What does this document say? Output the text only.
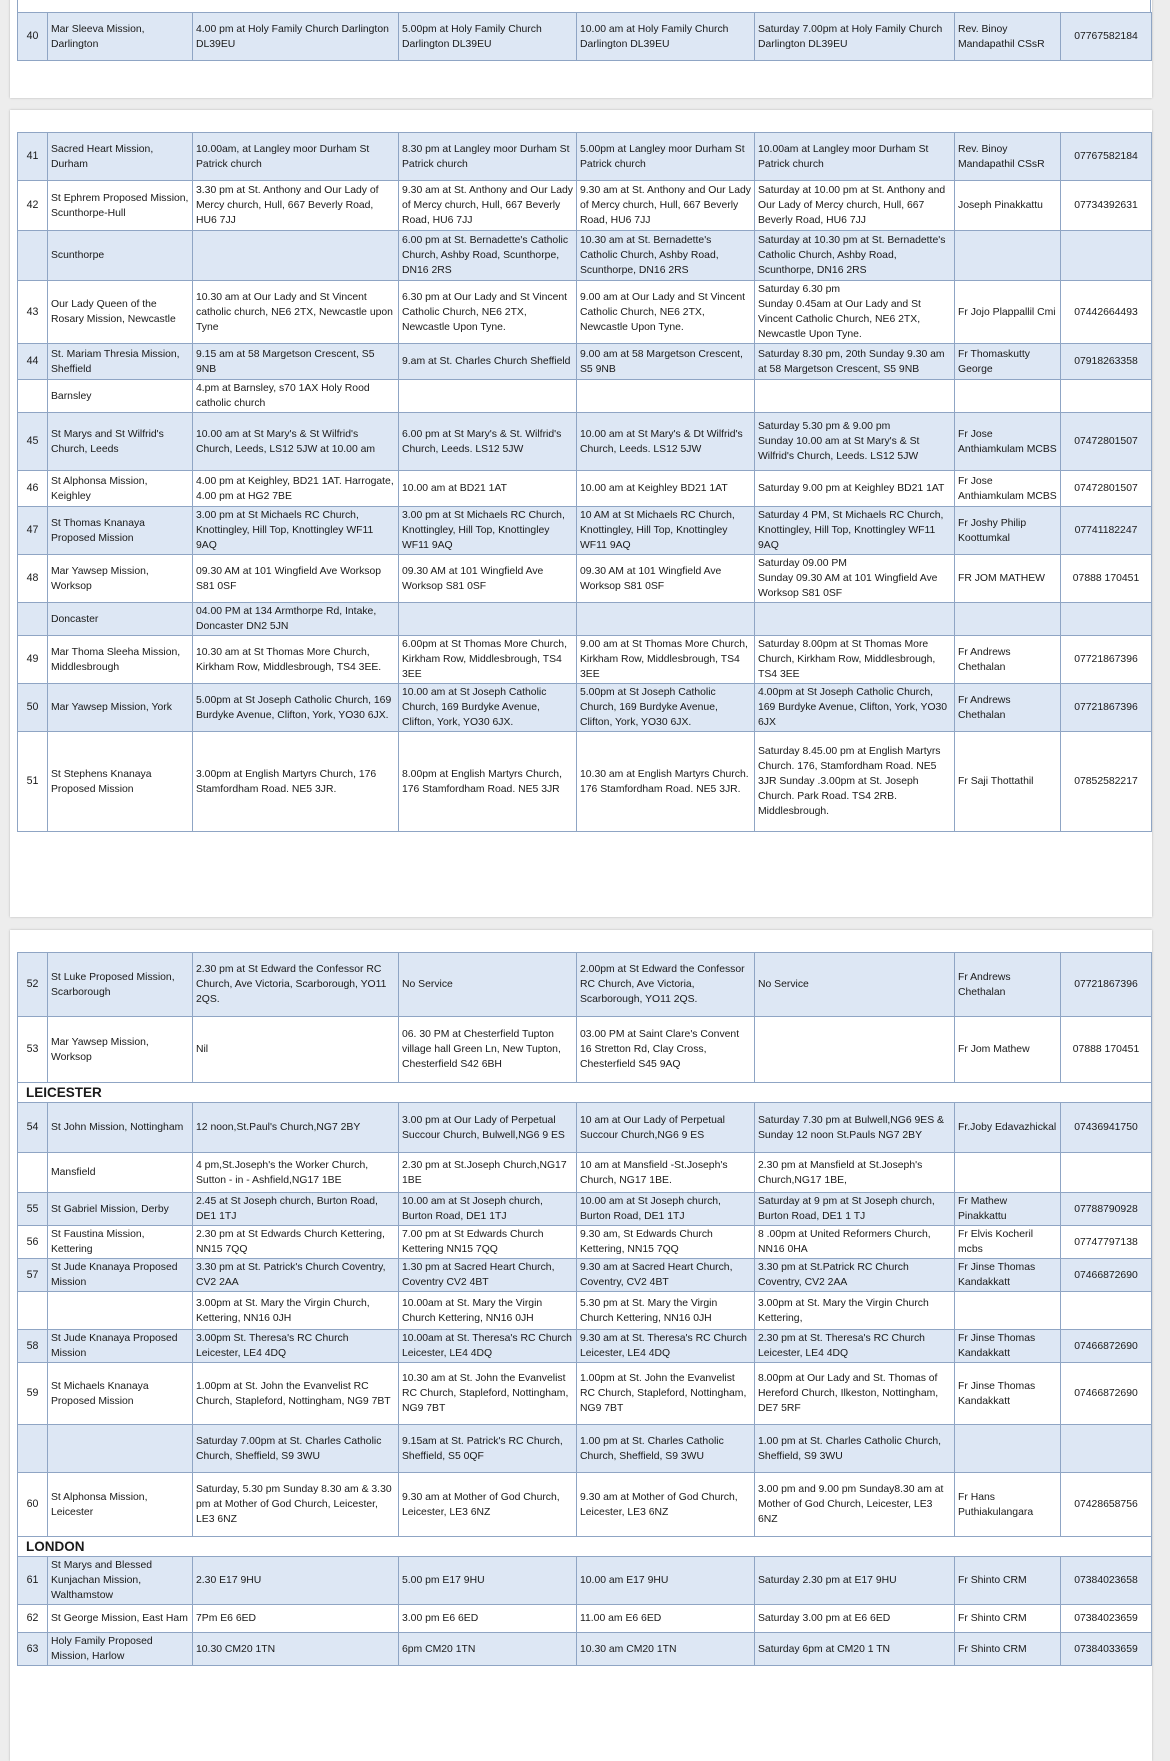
40	Mar Sleeva Mission, Darlington	4.00 pm at Holy Family Church Darlington DL39EU	5.00pm at Holy Family Church Darlington DL39EU	10.00 am at Holy Family Church Darlington DL39EU	Saturday 7.00pm at Holy Family Church Darlington DL39EU	Rev. Binoy Mandapathil CSsR	07767582184
41	Sacred Heart Mission, Durham	10.00am, at Langley moor Durham St Patrick church	8.30 pm at Langley moor Durham St Patrick church	5.00pm at Langley moor Durham St Patrick church	10.00am at Langley moor Durham St Patrick church	Rev. Binoy Mandapathil CSsR	07767582184
42	St Ephrem Proposed Mission, Scunthorpe-Hull	3.30 pm at St. Anthony and Our Lady of Mercy church, Hull, 667 Beverly Road, HU6 7JJ	9.30 am at St. Anthony and Our Lady of Mercy church, Hull, 667 Beverly Road, HU6 7JJ	9.30 am at St. Anthony and Our Lady of Mercy church, Hull, 667 Beverly Road, HU6 7JJ	Saturday at 10.00 pm at St. Anthony and Our Lady of Mercy church, Hull, 667 Beverly Road, HU6 7JJ	Joseph Pinakkattu	07734392631
	Scunthorpe		6.00 pm at St. Bernadette's Catholic Church, Ashby Road, Scunthorpe, DN16 2RS	10.30 am at St. Bernadette's Catholic Church, Ashby Road, Scunthorpe, DN16 2RS	Saturday at 10.30 pm at St. Bernadette's Catholic Church, Ashby Road, Scunthorpe, DN16 2RS		
43	Our Lady Queen of the Rosary Mission, Newcastle	10.30 am at Our Lady and St Vincent catholic church, NE6 2TX, Newcastle upon Tyne	6.30 pm at Our Lady and St Vincent Catholic Church, NE6 2TX, Newcastle Upon Tyne.	9.00 am at Our Lady and St Vincent Catholic Church, NE6 2TX, Newcastle Upon Tyne.	Saturday 6.30 pm
Sunday 0.45am at Our Lady and St Vincent Catholic Church, NE6 2TX, Newcastle Upon Tyne.	Fr Jojo Plappallil Cmi	07442664493
44	St. Mariam Thresia Mission, Sheffield	9.15 am at 58 Margetson Crescent, S5 9NB	9.am at St. Charles Church Sheffield	9.00 am at 58 Margetson Crescent, S5 9NB	Saturday 8.30 pm, 20th Sunday 9.30 am at 58 Margetson Crescent, S5 9NB	Fr Thomaskutty George	07918263358
	Barnsley	4.pm at Barnsley, s70 1AX Holy Rood catholic church					
45	St Marys and St Wilfrid's Church, Leeds	10.00 am at St Mary's & St Wilfrid's Church, Leeds, LS12 5JW at 10.00 am	6.00 pm at St Mary's & St. Wilfrid's Church, Leeds. LS12 5JW	10.00 am at St Mary's & Dt Wilfrid's Church, Leeds. LS12 5JW	Saturday 5.30 pm & 9.00 pm
Sunday 10.00 am at St Mary's & St Wilfrid's Church, Leeds. LS12 5JW	Fr Jose Anthiamkulam MCBS	07472801507
46	St Alphonsa Mission, Keighley	4.00 pm at Keighley, BD21 1AT. Harrogate, 4.00 pm at HG2 7BE	10.00 am at BD21 1AT	10.00 am at Keighley BD21 1AT	Saturday 9.00 pm at Keighley BD21 1AT	Fr Jose Anthiamkulam MCBS	07472801507
47	St Thomas Knanaya Proposed Mission	3.00 pm at St Michaels RC Church, Knottingley, Hill Top, Knottingley WF11 9AQ	3.00 pm at St Michaels RC Church, Knottingley, Hill Top, Knottingley WF11 9AQ	10 AM at St Michaels RC Church, Knottingley, Hill Top, Knottingley WF11 9AQ	Saturday 4 PM, St Michaels RC Church, Knottingley, Hill Top, Knottingley WF11 9AQ	Fr Joshy Philip Koottumkal	07741182247
48	Mar Yawsep Mission, Worksop	09.30 AM at 101 Wingfield Ave Worksop S81 0SF	09.30 AM at 101 Wingfield Ave Worksop S81 0SF	09.30 AM at 101 Wingfield Ave Worksop S81 0SF	Saturday 09.00 PM
Sunday 09.30 AM at 101 Wingfield Ave Worksop S81 0SF	FR JOM MATHEW	07888 170451
	Doncaster	04.00 PM at 134 Armthorpe Rd, Intake, Doncaster DN2 5JN					
49	Mar Thoma Sleeha Mission, Middlesbrough	10.30 am at St Thomas More Church, Kirkham Row, Middlesbrough, TS4 3EE.	6.00pm at St Thomas More Church, Kirkham Row, Middlesbrough, TS4 3EE	9.00 am at St Thomas More Church, Kirkham Row, Middlesbrough, TS4 3EE	Saturday 8.00pm at St Thomas More Church, Kirkham Row, Middlesbrough, TS4 3EE	Fr Andrews Chethalan	07721867396
50	Mar Yawsep Mission, York	5.00pm at St Joseph Catholic Church, 169 Burdyke Avenue, Clifton, York, YO30 6JX.	10.00 am at St Joseph Catholic Church, 169 Burdyke Avenue, Clifton, York, YO30 6JX.	5.00pm at St Joseph Catholic Church, 169 Burdyke Avenue, Clifton, York, YO30 6JX.	4.00pm at St Joseph Catholic Church, 169 Burdyke Avenue, Clifton, York, YO30 6JX	Fr Andrews Chethalan	07721867396
51	St Stephens Knanaya Proposed Mission	3.00pm at English Martyrs Church, 176 Stamfordham Road. NE5 3JR.	8.00pm at English Martyrs Church, 176 Stamfordham Road. NE5 3JR	10.30 am at English Martyrs Church. 176 Stamfordham Road. NE5 3JR.	Saturday 8.45.00 pm at English Martyrs Church. 176, Stamfordham Road. NE5 3JR Sunday .3.00pm at St. Joseph Church. Park Road. TS4 2RB. Middlesbrough.	Fr Saji Thottathil	07852582217
52	St Luke Proposed Mission, Scarborough	2.30 pm at St Edward the Confessor RC Church, Ave Victoria, Scarborough, YO11 2QS.	No Service	2.00pm at St Edward the Confessor RC Church, Ave Victoria, Scarborough, YO11 2QS.	No Service	Fr Andrews Chethalan	07721867396
53	Mar Yawsep Mission, Worksop	Nil	06. 30 PM at Chesterfield Tupton village hall Green Ln, New Tupton, Chesterfield S42 6BH	03.00 PM at Saint Clare's Convent 16 Stretton Rd, Clay Cross, Chesterfield S45 9AQ		Fr Jom Mathew	07888 170451
LEICESTER							
54	St John Mission, Nottingham	12 noon,St.Paul's Church,NG7 2BY	3.00 pm at Our Lady of Perpetual Succour Church, Bulwell,NG6 9 ES	10 am at Our Lady of Perpetual Succour Church,NG6 9 ES	Saturday 7.30 pm at Bulwell,NG6 9ES & Sunday 12 noon St.Pauls NG7 2BY	Fr.Joby Edavazhickal	07436941750
	Mansfield	4 pm,St.Joseph's the Worker Church, Sutton - in - Ashfield,NG17 1BE	2.30 pm at St.Joseph Church,NG17 1BE	10 am at Mansfield -St.Joseph's Church, NG17 1BE.	2.30 pm at Mansfield at St.Joseph's Church,NG17 1BE,		
55	St Gabriel Mission, Derby	2.45 at St Joseph church, Burton Road, DE1 1TJ	10.00 am at St Joseph church, Burton Road, DE1 1TJ	10.00 am at St Joseph church, Burton Road, DE1 1TJ	Saturday at 9 pm at St Joseph church, Burton Road, DE1 1 TJ	Fr Mathew Pinakkattu	07788790928
56	St Faustina Mission, Kettering	2.30 pm at St Edwards Church Kettering, NN15 7QQ	7.00 pm at St Edwards Church Kettering NN15 7QQ	9.30 am, St Edwards Church Kettering, NN15 7QQ	8 .00pm at United Reformers Church, NN16 0HA	Fr Elvis Kocheril mcbs	07747797138
57	St Jude Knanaya Proposed Mission	3.30 pm at St. Patrick's Church Coventry, CV2 2AA	1.30 pm at Sacred Heart Church, Coventry CV2 4BT	9.30 am at Sacred Heart Church, Coventry, CV2 4BT	3.30 pm at St.Patrick RC Church Coventry, CV2 2AA	Fr Jinse Thomas Kandakkatt	07466872690
		3.00pm at St. Mary the Virgin Church, Kettering, NN16 0JH	10.00am at St. Mary the Virgin Church Kettering, NN16 0JH	5.30 pm at St. Mary the Virgin Church Kettering, NN16 0JH	3.00pm at St. Mary the Virgin Church Kettering,		
58	St Jude Knanaya Proposed Mission	3.00pm St. Theresa's RC Church Leicester, LE4 4DQ	10.00am at St. Theresa's RC Church Leicester, LE4 4DQ	9.30 am at St. Theresa's RC Church Leicester, LE4 4DQ	2.30 pm at St. Theresa's RC Church Leicester, LE4 4DQ	Fr Jinse Thomas Kandakkatt	07466872690
59	St Michaels Knanaya Proposed Mission	1.00pm at St. John the Evanvelist RC Church, Stapleford, Nottingham, NG9 7BT	10.30 am at St. John the Evanvelist RC Church, Stapleford, Nottingham, NG9 7BT	1.00pm at St. John the Evanvelist RC Church, Stapleford, Nottingham, NG9 7BT	8.00pm at Our Lady and St. Thomas of Hereford Church, Ilkeston, Nottingham, DE7 5RF	Fr Jinse Thomas Kandakkatt	07466872690
		Saturday 7.00pm at St. Charles Catholic Church, Sheffield, S9 3WU	9.15am at St. Patrick's RC Church, Sheffield, S5 0QF	1.00 pm at St. Charles Catholic Church, Sheffield, S9 3WU	1.00 pm at St. Charles Catholic Church, Sheffield, S9 3WU		
60	St Alphonsa Mission, Leicester	Saturday, 5.30 pm Sunday 8.30 am & 3.30 pm at Mother of God Church, Leicester, LE3 6NZ	9.30 am at Mother of God Church, Leicester, LE3 6NZ	9.30 am at Mother of God Church, Leicester, LE3 6NZ	3.00 pm and 9.00 pm Sunday8.30 am at Mother of God Church, Leicester, LE3 6NZ	Fr Hans Puthiakulangara	07428658756
LONDON							
61	St Marys and Blessed Kunjachan Mission, Walthamstow	2.30 E17 9HU	5.00 pm E17 9HU	10.00 am E17 9HU	Saturday 2.30 pm at E17 9HU	Fr Shinto CRM	07384023658
62	St George Mission, East Ham	7Pm E6 6ED	3.00 pm E6 6ED	11.00 am E6 6ED	Saturday 3.00 pm at E6 6ED	Fr Shinto CRM	07384023659
63	Holy Family Proposed Mission, Harlow	10.30 CM20 1TN	6pm CM20 1TN	10.30 am CM20 1TN	Saturday 6pm at CM20 1 TN	Fr Shinto CRM	07384033659
